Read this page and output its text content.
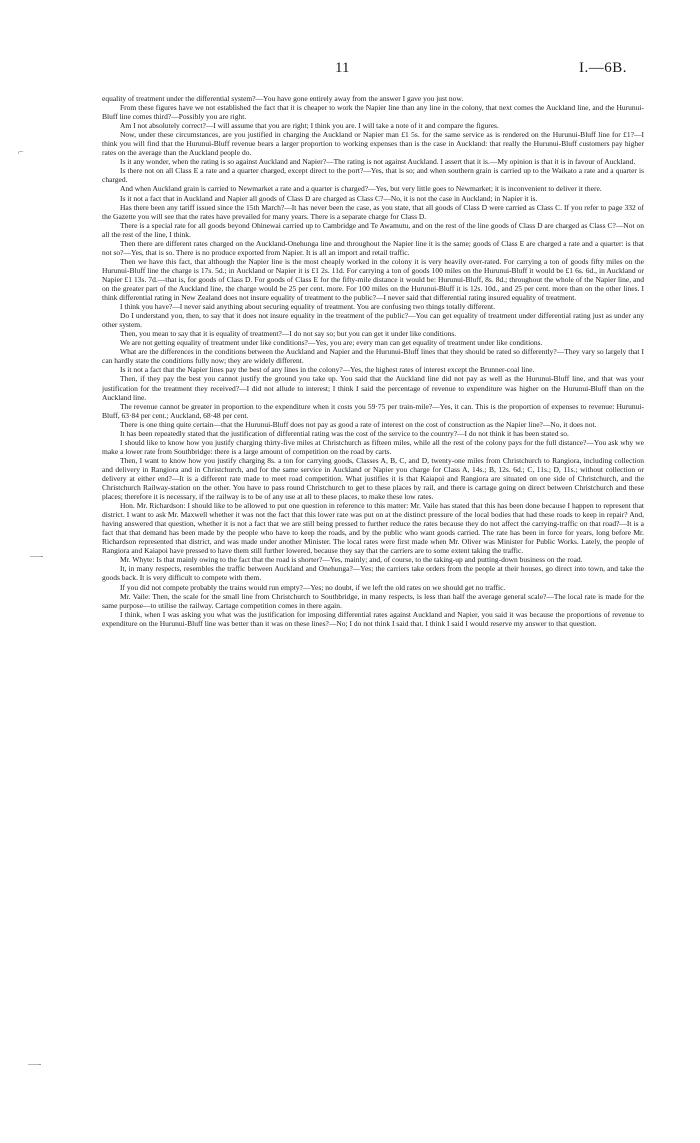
11	I.—6B.
⌐
—‑
—‑

equality of treatment under the differential system?—You have gone entirely away from the answer I gave you just now.

From these figures have we not established the fact that it is cheaper to work the Napier line than any line in the colony, that next comes the Auckland line, and the Hurunui-Bluff line comes third?—Possibly you are right.

Am I not absolutely correct?—I will assume that you are right; I think you are. I will take a note of it and compare the figures.

Now, under these circumstances, are you justified in charging the Auckland or Napier man £1 5s. for the same service as is rendered on the Hurunui-Bluff line for £1?—I think you will find that the Hurunui-Bluff revenue bears a larger proportion to working expenses than is the case in Auckland: that really the Hurunui-Bluff customers pay higher rates on the average than the Auckland people do.

Is it any wonder, when the rating is so against Auckland and Napier?—The rating is not against Auckland. I assert that it is.—My opinion is that it is in favour of Auckland.

Is there not on all Class E a rate and a quarter charged, except direct to the port?—Yes, that is so; and when southern grain is carried up to the Waikato a rate and a quarter is charged.

And when Auckland grain is carried to Newmarket a rate and a quarter is charged?—Yes, but very little goes to Newmarket; it is inconvenient to deliver it there.

Is it not a fact that in Auckland and Napier all goods of Class D are charged as Class C?—No, it is not the case in Auckland; in Napier it is.

Has there been any tariff issued since the 15th March?—It has never been the case, as you state, that all goods of Class D were carried as Class C. If you refer to page 332 of the Gazette you will see that the rates have prevailed for many years. There is a separate charge for Class D.

There is a special rate for all goods beyond Ohinewai carried up to Cambridge and Te Awamutu, and on the rest of the line goods of Class D are charged as Class C?—Not on all the rest of the line, I think.

Then there are different rates charged on the Auckland-Onehunga line and throughout the Napier line it is the same; goods of Class E are charged a rate and a quarter: is that not so?—Yes, that is so. There is no produce exported from Napier. It is all an import and retail traffic.

Then we have this fact, that although the Napier line is the most cheaply worked in the colony it is very heavily over-rated. For carrying a ton of goods fifty miles on the Hurunui-Bluff line the charge is 17s. 5d.; in Auckland or Napier it is £1 2s. 11d. For carrying a ton of goods 100 miles on the Hurunui-Bluff it would be £1 6s. 6d., in Auckland or Napier £1 13s. 7d.—that is, for goods of Class D. For goods of Class E for the fifty-mile distance it would be: Hurunui-Bluff, 8s. 8d.; throughout the whole of the Napier line, and on the greater part of the Auckland line, the charge would be 25 per cent. more. For 100 miles on the Hurunui-Bluff it is 12s. 10d., and 25 per cent. more than on the other lines. I think differential rating in New Zealand does not insure equality of treatment to the public?—I never said that differential rating insured equality of treatment.

I think you have?—I never said anything about securing equality of treatment. You are confusing two things totally different.

Do I understand you, then, to say that it does not insure equality in the treatment of the public?—You can get equality of treatment under differential rating just as under any other system.

Then, you mean to say that it is equality of treatment?—I do not say so; but you can get it under like conditions.

We are not getting equality of treatment under like conditions?—Yes, you are; every man can get equality of treatment under like conditions.

What are the differences in the conditions between the Auckland and Napier and the Hurunui-Bluff lines that they should be rated so differently?—They vary so largely that I can hardly state the conditions fully now; they are widely different.

Is it not a fact that the Napier lines pay the best of any lines in the colony?—Yes, the highest rates of interest except the Brunner-coal line.

Then, if they pay the best you cannot justify the ground you take up. You said that the Auckland line did not pay as well as the Hurunui-Bluff line, and that was your justification for the treatment they received?—I did not allude to interest; I think I said the percentage of revenue to expenditure was higher on the Hurunui-Bluff than on the Auckland line.

The revenue cannot be greater in proportion to the expenditure when it costs you 59·75 per train-mile?—Yes, it can. This is the proportion of expenses to revenue: Hurunui-Bluff, 63·84 per cent.; Auckland, 68·48 per cent.

There is one thing quite certain—that the Hurunui-Bluff does not pay as good a rate of interest on the cost of construction as the Napier line?—No, it does not.

It has been repeatedly stated that the justification of differential rating was the cost of the service to the country?—I do not think it has been stated so.

I should like to know how you justify charging thirty-five miles at Christchurch as fifteen miles, while all the rest of the colony pays for the full distance?—You ask why we make a lower rate from Southbridge: there is a large amount of competition on the road by carts.

Then, I want to know how you justify charging 8s. a ton for carrying goods, Classes A, B, C, and D, twenty-one miles from Christchurch to Rangiora, including collection and delivery in Rangiora and in Christchurch, and for the same service in Auckland or Napier you charge for Class A, 14s.; B, 12s. 6d.; C, 11s.; D, 11s.; without collection or delivery at either end?—It is a different rate made to meet road competition. What justifies it is that Kaiapoi and Rangiora are situated on one side of Christchurch, and the Christchurch Railway-station on the other. You have to pass round Christchurch to get to these places by rail, and there is cartage going on direct between Christchurch and these places; therefore it is necessary, if the railway is to be of any use at all to these places, to make these low rates.

Hon. Mr. Richardson: I should like to be allowed to put one question in reference to this matter: Mr. Vaile has stated that this has been done because I happen to represent that district. I want to ask Mr. Maxwell whether it was not the fact that this lower rate was put on at the distinct pressure of the local bodies that had these roads to keep in repair? And, having answered that question, whether it is not a fact that we are still being pressed to further reduce the rates because they do not affect the carrying-traffic on that road?—It is a fact that that demand has been made by the people who have to keep the roads, and by the public who want goods carried. The rate has been in force for years, long before Mr. Richardson represented that district, and was made under another Minister. The local rates were first made when Mr. Oliver was Minister for Public Works. Lately, the people of Rangiora and Kaiapoi have pressed to have them still further lowered, because they say that the carriers are to some extent taking the traffic.

Mr. Whyte: Is that mainly owing to the fact that the road is shorter?—Yes, mainly; and, of course, to the taking-up and putting-down business on the road.

It, in many respects, resembles the traffic between Auckland and Onehunga?—Yes; the carriers take orders from the people at their houses, go direct into town, and take the goods back. It is very difficult to compete with them.

If you did not compete probably the trains would run empty?—Yes; no doubt, if we left the old rates on we should get no traffic.

Mr. Vaile: Then, the scale for the small line from Christchurch to Southbridge, in many respects, is less than half the average general scale?—The local rate is made for the same purpose—to utilise the railway. Cartage competition comes in there again.

I think, when I was asking you what was the justification for imposing differential rates against Auckland and Napier, you said it was because the proportions of revenue to expenditure on the Hurunui-Bluff line was better than it was on these lines?—No; I do not think I said that. I think I said I would reserve my answer to that question.
